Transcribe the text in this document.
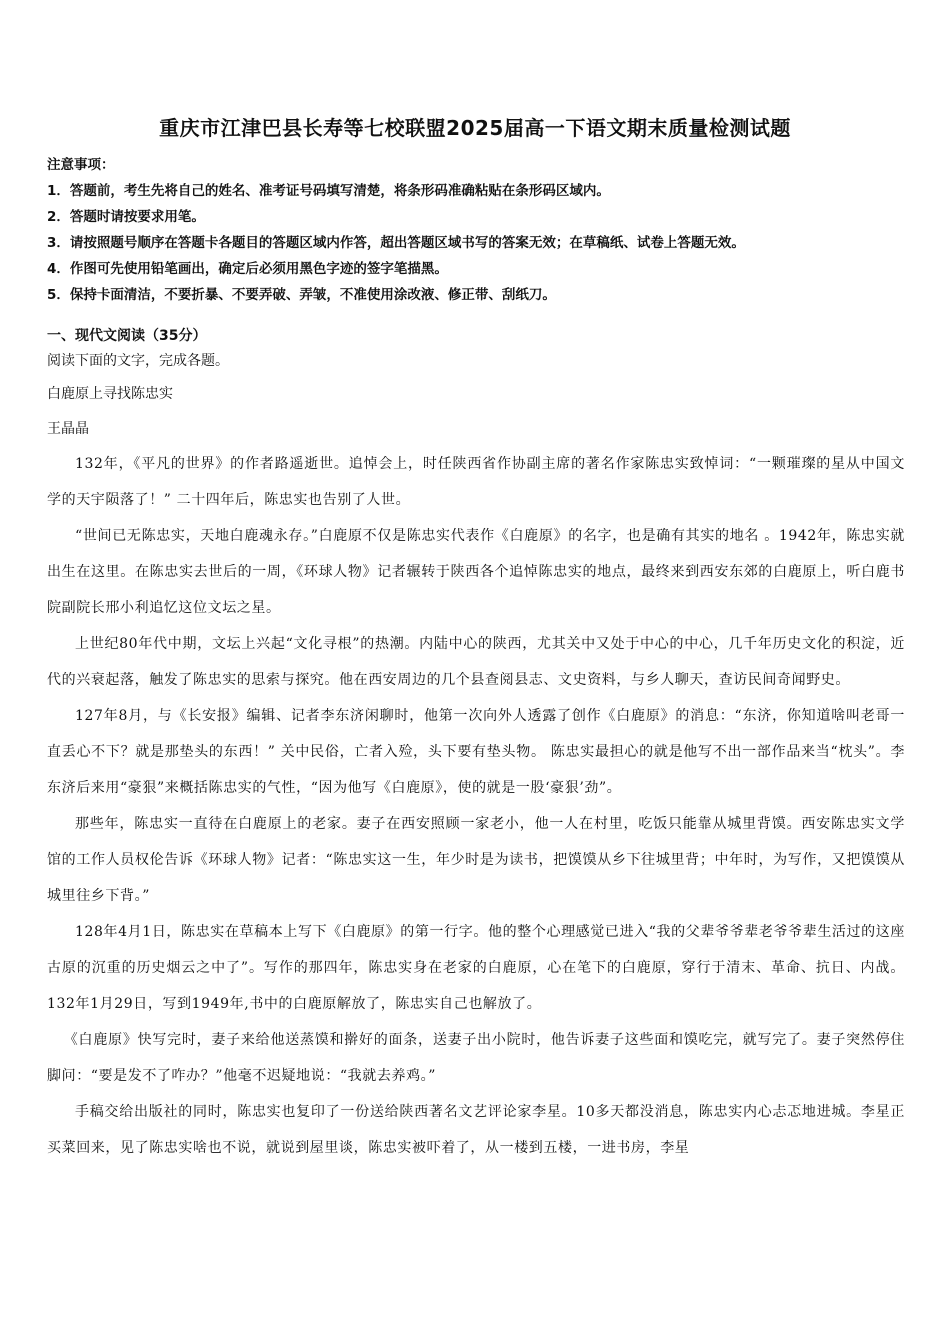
重庆市江津巴县长寿等七校联盟2025届高一下语文期末质量检测试题
注意事项：
1．答题前，考生先将自己的姓名、准考证号码填写清楚，将条形码准确粘贴在条形码区域内。
2．答题时请按要求用笔。
3．请按照题号顺序在答题卡各题目的答题区域内作答，超出答题区域书写的答案无效；在草稿纸、试卷上答题无效。
4．作图可先使用铅笔画出，确定后必须用黑色字迹的签字笔描黑。
5．保持卡面清洁，不要折暴、不要弄破、弄皱，不准使用涂改液、修正带、刮纸刀。
一、现代文阅读（35分）
阅读下面的文字，完成各题。
白鹿原上寻找陈忠实
王晶晶

132年，《平凡的世界》的作者路遥逝世。追悼会上，时任陕西省作协副主席的著名作家陈忠实致悼词：“一颗璀璨的星从中国文学的天宇陨落了！” 二十四年后，陈忠实也告别了人世。

“世间已无陈忠实，天地白鹿魂永存。”白鹿原不仅是陈忠实代表作《白鹿原》的名字，也是确有其实的地名 。1942年，陈忠实就出生在这里。在陈忠实去世后的一周，《环球人物》记者辗转于陕西各个追悼陈忠实的地点，最终来到西安东郊的白鹿原上，听白鹿书院副院长邢小利追忆这位文坛之星。

上世纪80年代中期，文坛上兴起“文化寻根”的热潮。内陆中心的陕西，尤其关中又处于中心的中心，几千年历史文化的积淀，近代的兴衰起落，触发了陈忠实的思索与探究。他在西安周边的几个县查阅县志、文史资料，与乡人聊天，查访民间奇闻野史。

127年8月，与《长安报》编辑、记者李东济闲聊时，他第一次向外人透露了创作《白鹿原》的消息：“东济，你知道啥叫老哥一直丢心不下？就是那垫头的东西！” 关中民俗，亡者入殓，头下要有垫头物。 陈忠实最担心的就是他写不出一部作品来当“枕头”。李东济后来用“豪狠”来概括陈忠实的气性，“因为他写《白鹿原》，使的就是一股‘豪狠’劲”。

那些年，陈忠实一直待在白鹿原上的老家。妻子在西安照顾一家老小，他一人在村里，吃饭只能靠从城里背馍。西安陈忠实文学馆的工作人员权伦告诉《环球人物》记者：“陈忠实这一生，年少时是为读书，把馍馍从乡下往城里背；中年时，为写作，又把馍馍从城里往乡下背。”

128年4月1日，陈忠实在草稿本上写下《白鹿原》的第一行字。他的整个心理感觉已进入“我的父辈爷爷辈老爷爷辈生活过的这座古原的沉重的历史烟云之中了”。写作的那四年，陈忠实身在老家的白鹿原，心在笔下的白鹿原，穿行于清末、革命、抗日、内战。132年1月29日，写到1949年,书中的白鹿原解放了，陈忠实自己也解放了。

《白鹿原》快写完时，妻子来给他送蒸馍和擀好的面条，送妻子出小院时，他告诉妻子这些面和馍吃完，就写完了。妻子突然停住脚问：“要是发不了咋办？”他毫不迟疑地说：“我就去养鸡。”

手稿交给出版社的同时，陈忠实也复印了一份送给陕西著名文艺评论家李星。10多天都没消息，陈忠实内心忐忑地进城。李星正买菜回来，见了陈忠实啥也不说，就说到屋里谈，陈忠实被吓着了，从一楼到五楼，一进书房，李星
